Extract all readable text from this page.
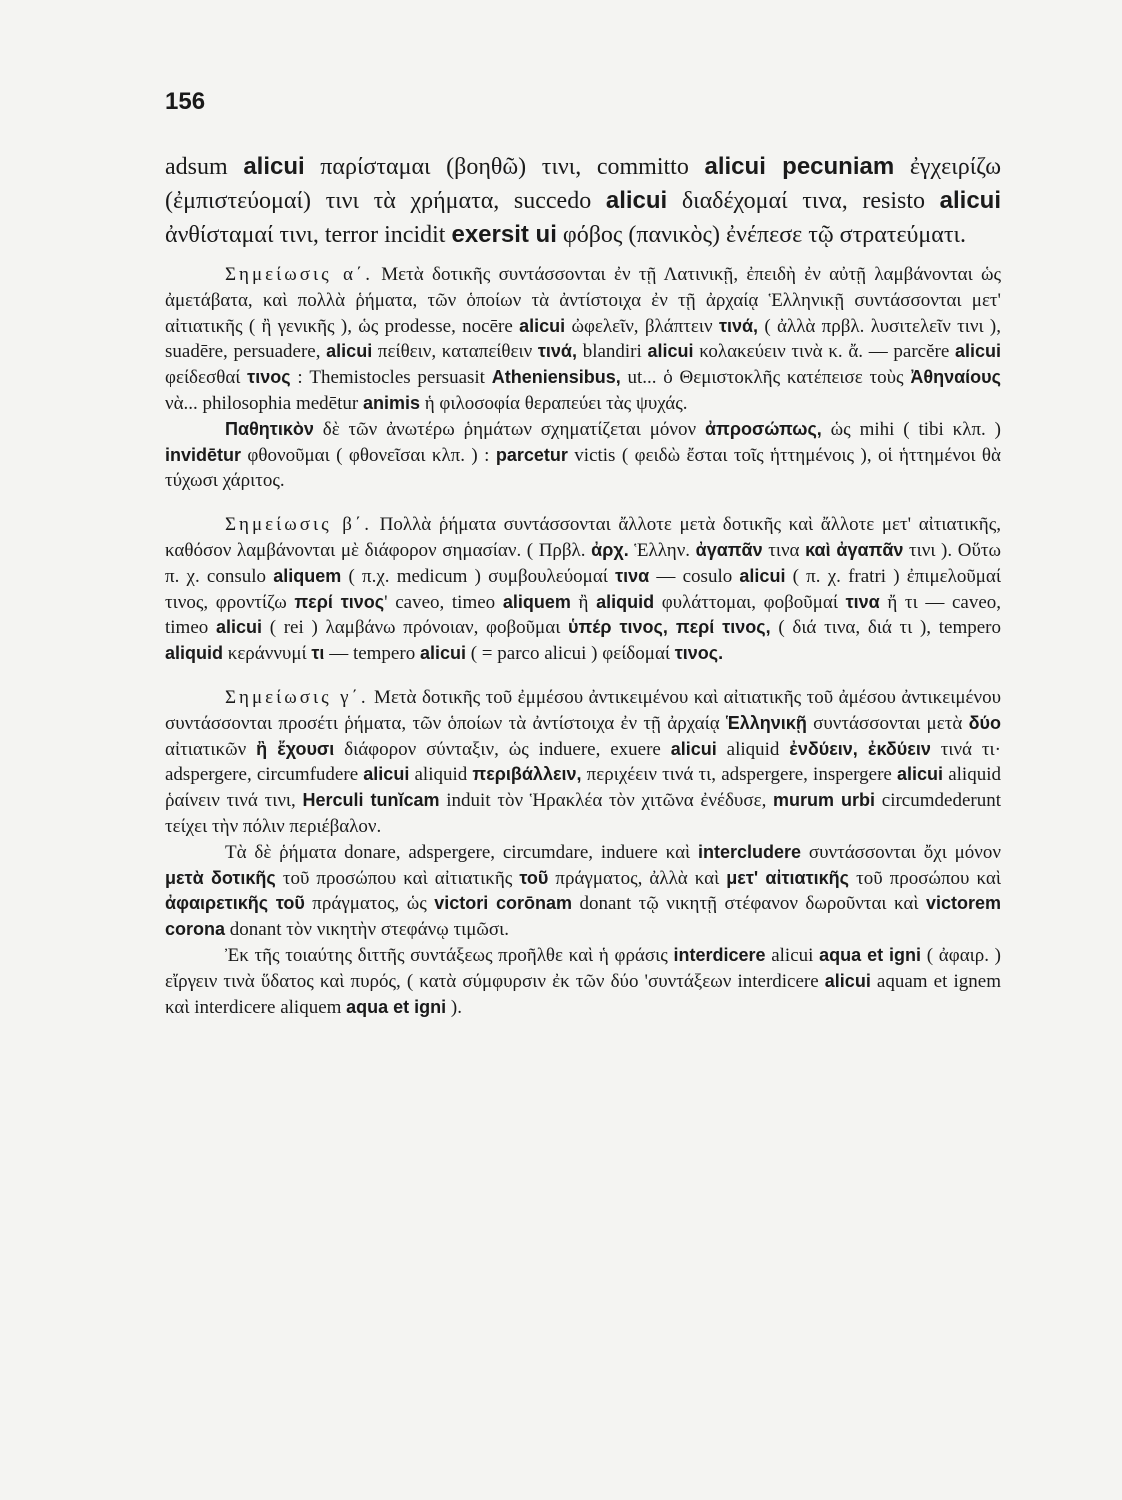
156

adsum alicui παρίσταμαι (βοηθῶ) τινι, committo alicui pecuniam ἐγχειρίζω (ἐμπιστεύομαί) τινι τὰ χρήματα, succedo alicui διαδέχομαί τινα, resisto alicui ἀνθίσταμαί τινι, terror incidit exersit ui φόβος (πανικὸς) ἐνέπεσε τῷ στρατεύματι.

Σημείωσις α΄. Μετὰ δοτικῆς συντάσσονται ἐν τῇ Λατινικῇ, ἐπειδὴ ἐν αὐτῇ λαμβάνονται ὡς ἀμετάβατα, καὶ πολλὰ ῥήματα, τῶν ὁποίων τὰ ἀντίστοιχα ἐν τῇ ἀρχαίᾳ Ἑλληνικῇ συντάσσονται μετ' αἰτιατικῆς ( ἢ γενικῆς ), ὡς prodesse, nocēre alicui ὠφελεῖν, βλάπτειν τινά, ( ἀλλὰ πρβλ. λυσιτελεῖν τινι ), suadēre, persuadere, alicui πείθειν, καταπείθειν τινά, blandiri alicui κολακεύειν τινὰ κ. ἄ. — parcĕre alicui φείδεσθαί τινος : Themistocles persuasit Atheniensibus, ut... ὁ Θεμιστοκλῆς κατέπεισε τοὺς Ἀθηναίους νὰ... philosophia medētur animis ἡ φιλοσοφία θεραπεύει τὰς ψυχάς.

Παθητικὸν δὲ τῶν ἀνωτέρω ῥημάτων σχηματίζεται μόνον ἀπροσώπως, ὡς mihi ( tibi κλπ. ) invidētur φθονοῦμαι ( φθονεῖσαι κλπ. ) : parcetur victis ( φειδὼ ἔσται τοῖς ἡττημένοις ), οἱ ἡττημένοι θὰ τύχωσι χάριτος.

Σημείωσις β΄. Πολλὰ ῥήματα συντάσσονται ἄλλοτε μετὰ δοτικῆς καὶ ἄλλοτε μετ' αἰτιατικῆς, καθόσον λαμβάνονται μὲ διάφορον σημασίαν. ( Πρβλ. ἀρχ. Ἑλλην. ἀγαπᾶν τινα καὶ ἀγαπᾶν τινι ). Οὕτω π. χ. consulo aliquem ( π.χ. medicum ) συμβουλεύομαί τινα — cosulo alicui ( π. χ. fratri ) ἐπιμελοῦμαί τινος, φροντίζω περί τινος' caveo, timeo aliquem ἢ aliquid φυλάττομαι, φοβοῦμαί τινα ἤ τι — caveo, timeo alicui ( rei ) λαμβάνω πρόνοιαν, φοβοῦμαι ὑπέρ τινος, περί τινος, ( διά τινα, διά τι ), tempero aliquid κεράννυμί τι — tempero alicui ( = parco alicui ) φείδομαί τινος.

Σημείωσις γ΄. Μετὰ δοτικῆς τοῦ ἐμμέσου ἀντικειμένου καὶ αἰτιατικῆς τοῦ ἀμέσου ἀντικειμένου συντάσσονται προσέτι ῥήματα, τῶν ὁποίων τὰ ἀντίστοιχα ἐν τῇ ἀρχαίᾳ Ἑλληνικῇ συντάσσονται μετὰ δύο αἰτιατικῶν ἢ ἔχουσι διάφορον σύνταξιν, ὡς induere, exuere alicui aliquid ἐνδύειν, ἐκδύειν τινά τι· adspergere, circumfudere alicui aliquid περιβάλλειν, περιχέειν τινά τι, adspergere, inspergere alicui aliquid ῥαίνειν τινά τινι, Herculi tunĭcam induit τὸν Ἡρακλέα τὸν χιτῶνα ἐνέδυσε, murum urbi circumdederunt τείχει τὴν πόλιν περιέβαλον.

Τὰ δὲ ῥήματα donare, adspergere, circumdare, induere καὶ intercludere συντάσσονται ὄχι μόνον μετὰ δοτικῆς τοῦ προσώπου καὶ αἰτιατικῆς τοῦ πράγματος, ἀλλὰ καὶ μετ' αἰτιατικῆς τοῦ προσώπου καὶ ἀφαιρετικῆς τοῦ πράγματος, ὡς victori corōnam donant τῷ νικητῇ στέφανον δωροῦνται καὶ victorem corona donant τὸν νικητὴν στεφάνῳ τιμῶσι.

Ἐκ τῆς τοιαύτης διττῆς συντάξεως προῆλθε καὶ ἡ φράσις interdicere alicui aqua et igni ( ἀφαιρ. ) εἴργειν τινὰ ὕδατος καὶ πυρός, ( κατὰ σύμφυρσιν ἐκ τῶν δύο 'συντάξεων interdicere alicui aquam et ignem καὶ interdicere aliquem aqua et igni ).
